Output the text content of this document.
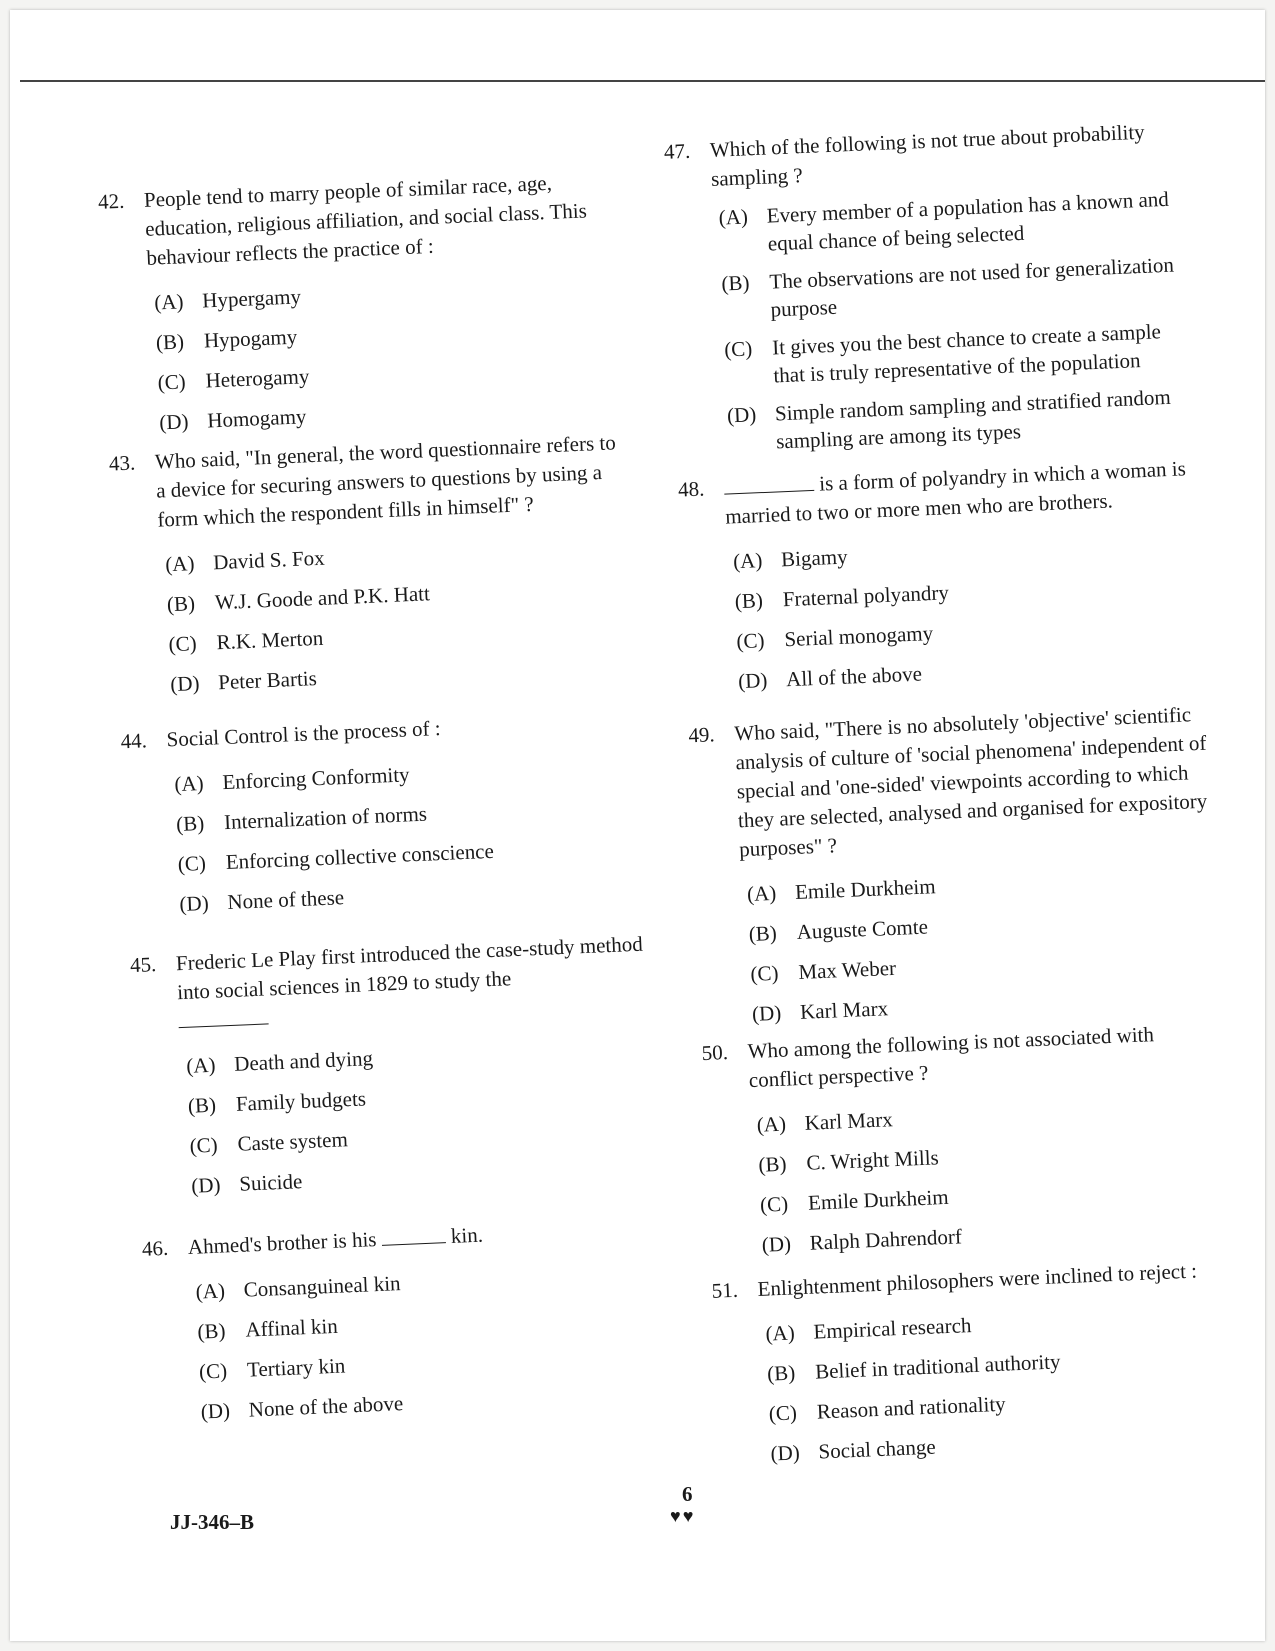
42. People tend to marry people of similar race, age, education, religious affiliation, and social class. This behaviour reflects the practice of :
(A) Hypergamy
(B) Hypogamy
(C) Heterogamy
(D) Homogamy
43. Who said, "In general, the word questionnaire refers to a device for securing answers to questions by using a form which the respondent fills in himself" ?
(A) David S. Fox
(B) W.J. Goode and P.K. Hatt
(C) R.K. Merton
(D) Peter Bartis
44. Social Control is the process of :
(A) Enforcing Conformity
(B) Internalization of norms
(C) Enforcing collective conscience
(D) None of these
45. Frederic Le Play first introduced the case-study method into social sciences in 1829 to study the

(A) Death and dying
(B) Family budgets
(C) Caste system
(D) Suicide
46. Ahmed's brother is his	kin.
(A) Consanguineal kin
(B) Affinal kin
(C) Tertiary kin
(D) None of the above
47. Which of the following is not true about probability sampling ?
(A) Every member of a population has a known and equal chance of being selected
(B) The observations are not used for generalization purpose
(C) It gives you the best chance to create a sample that is truly representative of the population
(D) Simple random sampling and stratified random sampling are among its types
48.	is a form of polyandry in which a woman is married to two or more men who are brothers.
(A) Bigamy
(B) Fraternal polyandry
(C) Serial monogamy
(D) All of the above
49. Who said, "There is no absolutely 'objective' scientific analysis of culture of 'social phenomena' independent of special and 'one-sided' viewpoints according to which they are selected, analysed and organised for expository purposes" ?
(A) Emile Durkheim
(B) Auguste Comte
(C) Max Weber
(D) Karl Marx
50. Who among the following is not associated with conflict perspective ?
(A) Karl Marx
(B) C. Wright Mills
(C) Emile Durkheim
(D) Ralph Dahrendorf
51. Enlightenment philosophers were inclined to reject :
(A) Empirical research
(B) Belief in traditional authority
(C) Reason and rationality
(D) Social change
6
♥♥
JJ-346–B
